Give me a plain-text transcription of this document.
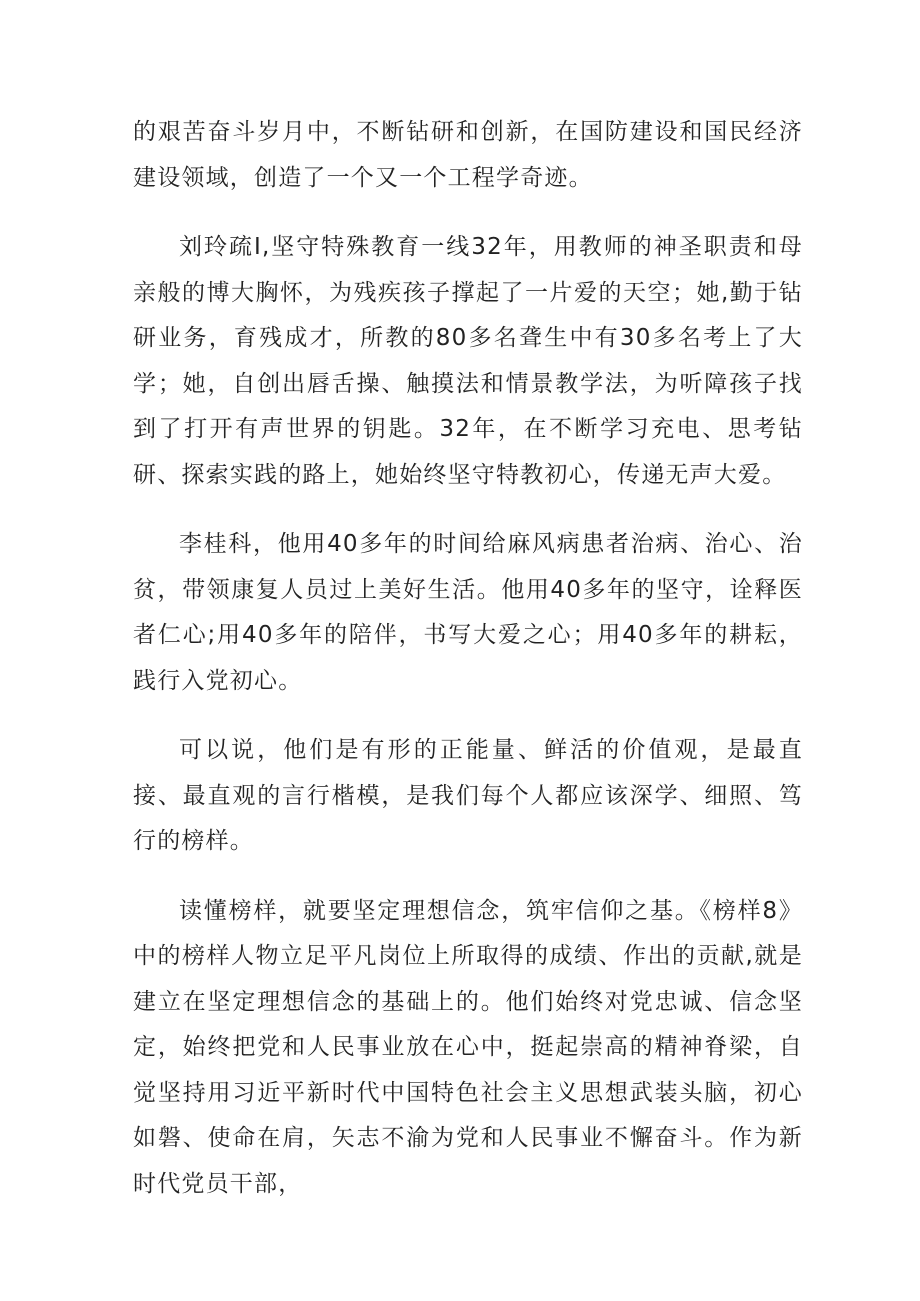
的艰苦奋斗岁月中，不断钻研和创新，在国防建设和国民经济建设领域，创造了一个又一个工程学奇迹。

刘玲疏I,坚守特殊教育一线32年，用教师的神圣职责和母亲般的博大胸怀，为残疾孩子撑起了一片爱的天空；她,勤于钻研业务，育残成才，所教的80多名聋生中有30多名考上了大学；她，自创出唇舌操、触摸法和情景教学法，为听障孩子找到了打开有声世界的钥匙。32年，在不断学习充电、思考钻研、探索实践的路上，她始终坚守特教初心，传递无声大爱。

李桂科，他用40多年的时间给麻风病患者治病、治心、治贫，带领康复人员过上美好生活。他用40多年的坚守，诠释医者仁心;用40多年的陪伴，书写大爱之心；用40多年的耕耘，践行入党初心。

可以说，他们是有形的正能量、鲜活的价值观，是最直接、最直观的言行楷模，是我们每个人都应该深学、细照、笃行的榜样。

读懂榜样，就要坚定理想信念，筑牢信仰之基。《榜样8》中的榜样人物立足平凡岗位上所取得的成绩、作出的贡献,就是建立在坚定理想信念的基础上的。他们始终对党忠诚、信念坚定，始终把党和人民事业放在心中，挺起崇高的精神脊梁，自觉坚持用习近平新时代中国特色社会主义思想武装头脑，初心如磐、使命在肩，矢志不渝为党和人民事业不懈奋斗。作为新时代党员干部，
